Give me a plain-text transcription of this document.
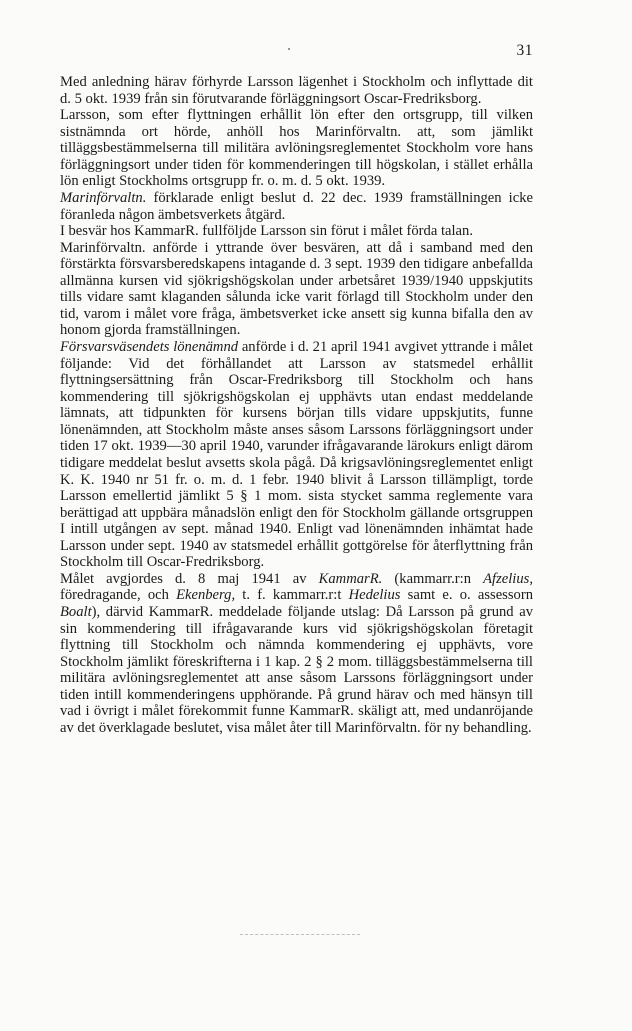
31

Med anledning härav förhyrde Larsson lägenhet i Stockholm och inflyttade dit d. 5 okt. 1939 från sin förutvarande förläggningsort Oscar-Fredriksborg.

Larsson, som efter flyttningen erhållit lön efter den ortsgrupp, till vilken sistnämnda ort hörde, anhöll hos Marinförvaltn. att, som jämlikt tilläggsbestämmelserna till militära avlöningsreglementet Stockholm vore hans förläggningsort under tiden för kommenderingen till högskolan, i stället erhålla lön enligt Stockholms ortsgrupp fr. o. m. d. 5 okt. 1939.

Marinförvaltn. förklarade enligt beslut d. 22 dec. 1939 framställningen icke föranleda någon ämbetsverkets åtgärd.

I besvär hos KammarR. fullföljde Larsson sin förut i målet förda talan.

Marinförvaltn. anförde i yttrande över besvären, att då i samband med den förstärkta försvarsberedskapens intagande d. 3 sept. 1939 den tidigare anbefallda allmänna kursen vid sjökrigshögskolan under arbetsåret 1939/1940 uppskjutits tills vidare samt klaganden sålunda icke varit förlagd till Stockholm under den tid, varom i målet vore fråga, ämbetsverket icke ansett sig kunna bifalla den av honom gjorda framställningen.

Försvarsväsendets lönenämnd anförde i d. 21 april 1941 avgivet yttrande i målet följande: Vid det förhållandet att Larsson av statsmedel erhållit flyttningsersättning från Oscar-Fredriksborg till Stockholm och hans kommendering till sjökrigshögskolan ej upphävts utan endast meddelande lämnats, att tidpunkten för kursens början tills vidare uppskjutits, funne lönenämnden, att Stockholm måste anses såsom Larssons förläggningsort under tiden 17 okt. 1939—30 april 1940, varunder ifrågavarande lärokurs enligt därom tidigare meddelat beslut avsetts skola pågå. Då krigsavlöningsreglementet enligt K. K. 1940 nr 51 fr. o. m. d. 1 febr. 1940 blivit å Larsson tillämpligt, torde Larsson emellertid jämlikt 5 § 1 mom. sista stycket samma reglemente vara berättigad att uppbära månadslön enligt den för Stockholm gällande ortsgruppen I intill utgången av sept. månad 1940. Enligt vad lönenämnden inhämtat hade Larsson under sept. 1940 av statsmedel erhållit gottgörelse för återflyttning från Stockholm till Oscar-Fredriksborg.

Målet avgjordes d. 8 maj 1941 av KammarR. (kammarr.r:n Afzelius, föredragande, och Ekenberg, t. f. kammarr.r:t Hedelius samt e. o. assessorn Boalt), därvid KammarR. meddelade följande utslag: Då Larsson på grund av sin kommendering till ifrågavarande kurs vid sjökrigshögskolan företagit flyttning till Stockholm och nämnda kommendering ej upphävts, vore Stockholm jämlikt föreskrifterna i 1 kap. 2 § 2 mom. tilläggsbestämmelserna till militära avlöningsreglementet att anse såsom Larssons förläggningsort under tiden intill kommenderingens upphörande. På grund härav och med hänsyn till vad i övrigt i målet förekommit funne KammarR. skäligt att, med undanröjande av det överklagade beslutet, visa målet åter till Marinförvaltn. för ny behandling.
